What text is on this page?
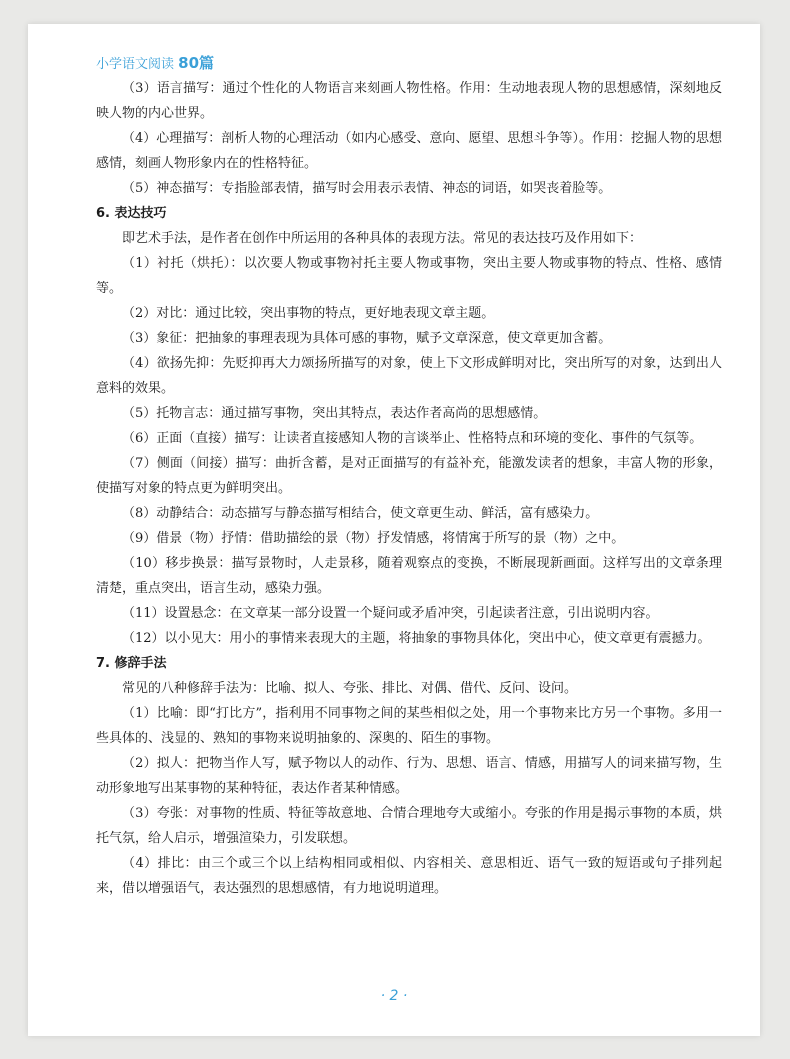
小学语文阅读 80篇

（3）语言描写：通过个性化的人物语言来刻画人物性格。作用：生动地表现人物的思想感情，深刻地反映人物的内心世界。

（4）心理描写：剖析人物的心理活动（如内心感受、意向、愿望、思想斗争等）。作用：挖掘人物的思想感情，刻画人物形象内在的性格特征。

（5）神态描写：专指脸部表情，描写时会用表示表情、神态的词语，如哭丧着脸等。

6. 表达技巧

即艺术手法，是作者在创作中所运用的各种具体的表现方法。常见的表达技巧及作用如下：

（1）衬托（烘托）：以次要人物或事物衬托主要人物或事物，突出主要人物或事物的特点、性格、感情等。

（2）对比：通过比较，突出事物的特点，更好地表现文章主题。

（3）象征：把抽象的事理表现为具体可感的事物，赋予文章深意，使文章更加含蓄。

（4）欲扬先抑：先贬抑再大力颂扬所描写的对象，使上下文形成鲜明对比，突出所写的对象，达到出人意料的效果。

（5）托物言志：通过描写事物，突出其特点，表达作者高尚的思想感情。

（6）正面（直接）描写：让读者直接感知人物的言谈举止、性格特点和环境的变化、事件的气氛等。

（7）侧面（间接）描写：曲折含蓄，是对正面描写的有益补充，能激发读者的想象，丰富人物的形象，使描写对象的特点更为鲜明突出。

（8）动静结合：动态描写与静态描写相结合，使文章更生动、鲜活，富有感染力。

（9）借景（物）抒情：借助描绘的景（物）抒发情感，将情寓于所写的景（物）之中。

（10）移步换景：描写景物时，人走景移，随着观察点的变换，不断展现新画面。这样写出的文章条理清楚，重点突出，语言生动，感染力强。

（11）设置悬念：在文章某一部分设置一个疑问或矛盾冲突，引起读者注意，引出说明内容。

（12）以小见大：用小的事情来表现大的主题，将抽象的事物具体化，突出中心，使文章更有震撼力。

7. 修辞手法

常见的八种修辞手法为：比喻、拟人、夸张、排比、对偶、借代、反问、设问。

（1）比喻：即“打比方”，指利用不同事物之间的某些相似之处，用一个事物来比方另一个事物。多用一些具体的、浅显的、熟知的事物来说明抽象的、深奥的、陌生的事物。

（2）拟人：把物当作人写，赋予物以人的动作、行为、思想、语言、情感，用描写人的词来描写物，生动形象地写出某事物的某种特征，表达作者某种情感。

（3）夸张：对事物的性质、特征等故意地、合情合理地夸大或缩小。夸张的作用是揭示事物的本质，烘托气氛，给人启示，增强渲染力，引发联想。

（4）排比：由三个或三个以上结构相同或相似、内容相关、意思相近、语气一致的短语或句子排列起来，借以增强语气，表达强烈的思想感情，有力地说明道理。

· 2 ·
